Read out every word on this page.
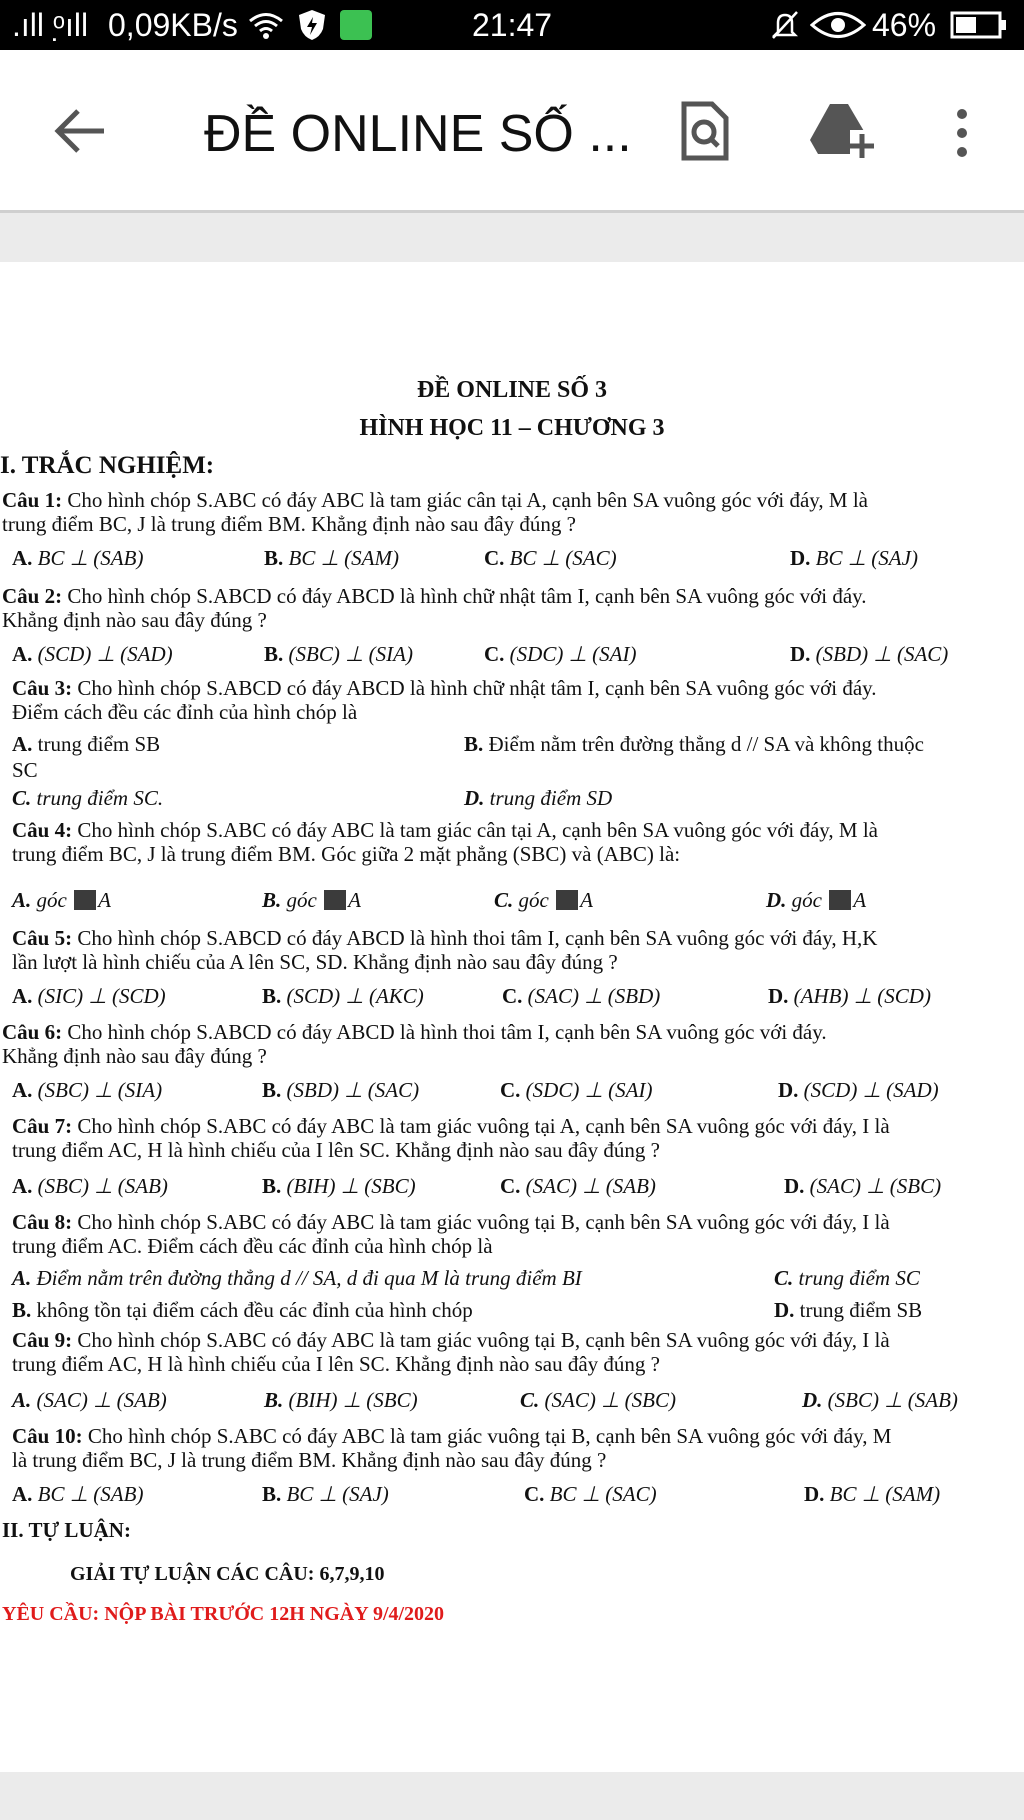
.ıll ᵒ̣ıll 0,09KB/s	21:47	46%
ĐỀ ONLINE SỐ ...
ĐỀ ONLINE SỐ 3
HÌNH HỌC 11 – CHƯƠNG 3
I. TRẮC NGHIỆM:
Câu 1: Cho hình chóp S.ABC có đáy ABC là tam giác cân tại A, cạnh bên SA vuông góc với đáy, M là
trung điểm BC, J là trung điểm BM. Khẳng định nào sau đây đúng ?
A. BC ⊥ (SAB)	B. BC ⊥ (SAM)	C. BC ⊥ (SAC)	D. BC ⊥ (SAJ)
Câu 2: Cho hình chóp S.ABCD có đáy ABCD là hình chữ nhật tâm I, cạnh bên SA vuông góc với đáy.
Khẳng định nào sau đây đúng ?
A. (SCD) ⊥ (SAD)	B. (SBC) ⊥ (SIA)	C. (SDC) ⊥ (SAI)	D. (SBD) ⊥ (SAC)
Câu 3: Cho hình chóp S.ABCD có đáy ABCD là hình chữ nhật tâm I, cạnh bên SA vuông góc với đáy.
Điểm cách đều các đỉnh của hình chóp là
A. trung điểm SB	B. Điểm nằm trên đường thẳng d // SA và không thuộc
SC
C. trung điểm SC.	D. trung điểm SD
Câu 4: Cho hình chóp S.ABC có đáy ABC là tam giác cân tại A, cạnh bên SA vuông góc với đáy, M là
trung điểm BC, J là trung điểm BM. Góc giữa 2 mặt phẳng (SBC) và (ABC) là:
A. góc A	B. góc A	C. góc A	D. góc A
Câu 5: Cho hình chóp S.ABCD có đáy ABCD là hình thoi tâm I, cạnh bên SA vuông góc với đáy, H,K
lần lượt là hình chiếu của A lên SC, SD. Khẳng định nào sau đây đúng ?
A. (SIC) ⊥ (SCD)	B. (SCD) ⊥ (AKC)	C. (SAC) ⊥ (SBD)	D. (AHB) ⊥ (SCD)
Câu 6: Cho hình chóp S.ABCD có đáy ABCD là hình thoi tâm I, cạnh bên SA vuông góc với đáy.
Khẳng định nào sau đây đúng ?
A. (SBC) ⊥ (SIA)	B. (SBD) ⊥ (SAC)	C. (SDC) ⊥ (SAI)	D. (SCD) ⊥ (SAD)
Câu 7: Cho hình chóp S.ABC có đáy ABC là tam giác vuông tại A, cạnh bên SA vuông góc với đáy, I là
trung điểm AC, H là hình chiếu của I lên SC. Khẳng định nào sau đây đúng ?
A. (SBC) ⊥ (SAB)	B. (BIH) ⊥ (SBC)	C. (SAC) ⊥ (SAB)	D. (SAC) ⊥ (SBC)
Câu 8: Cho hình chóp S.ABC có đáy ABC là tam giác vuông tại B, cạnh bên SA vuông góc với đáy, I là
trung điểm AC. Điểm cách đều các đỉnh của hình chóp là
A. Điểm nằm trên đường thẳng d // SA, d đi qua M là trung điểm BI	C. trung điểm SC
B. không tồn tại điểm cách đều các đỉnh của hình chóp	D. trung điểm SB
Câu 9: Cho hình chóp S.ABC có đáy ABC là tam giác vuông tại B, cạnh bên SA vuông góc với đáy, I là
trung điểm AC, H là hình chiếu của I lên SC. Khẳng định nào sau đây đúng ?
A. (SAC) ⊥ (SAB)	B. (BIH) ⊥ (SBC)	C. (SAC) ⊥ (SBC)	D. (SBC) ⊥ (SAB)
Câu 10: Cho hình chóp S.ABC có đáy ABC là tam giác vuông tại B, cạnh bên SA vuông góc với đáy, M
là trung điểm BC, J là trung điểm BM. Khẳng định nào sau đây đúng ?
A. BC ⊥ (SAB)	B. BC ⊥ (SAJ)	C. BC ⊥ (SAC)	D. BC ⊥ (SAM)
II. TỰ LUẬN:
GIẢI TỰ LUẬN CÁC CÂU: 6,7,9,10
YÊU CẦU: NỘP BÀI TRƯỚC 12H NGÀY 9/4/2020
